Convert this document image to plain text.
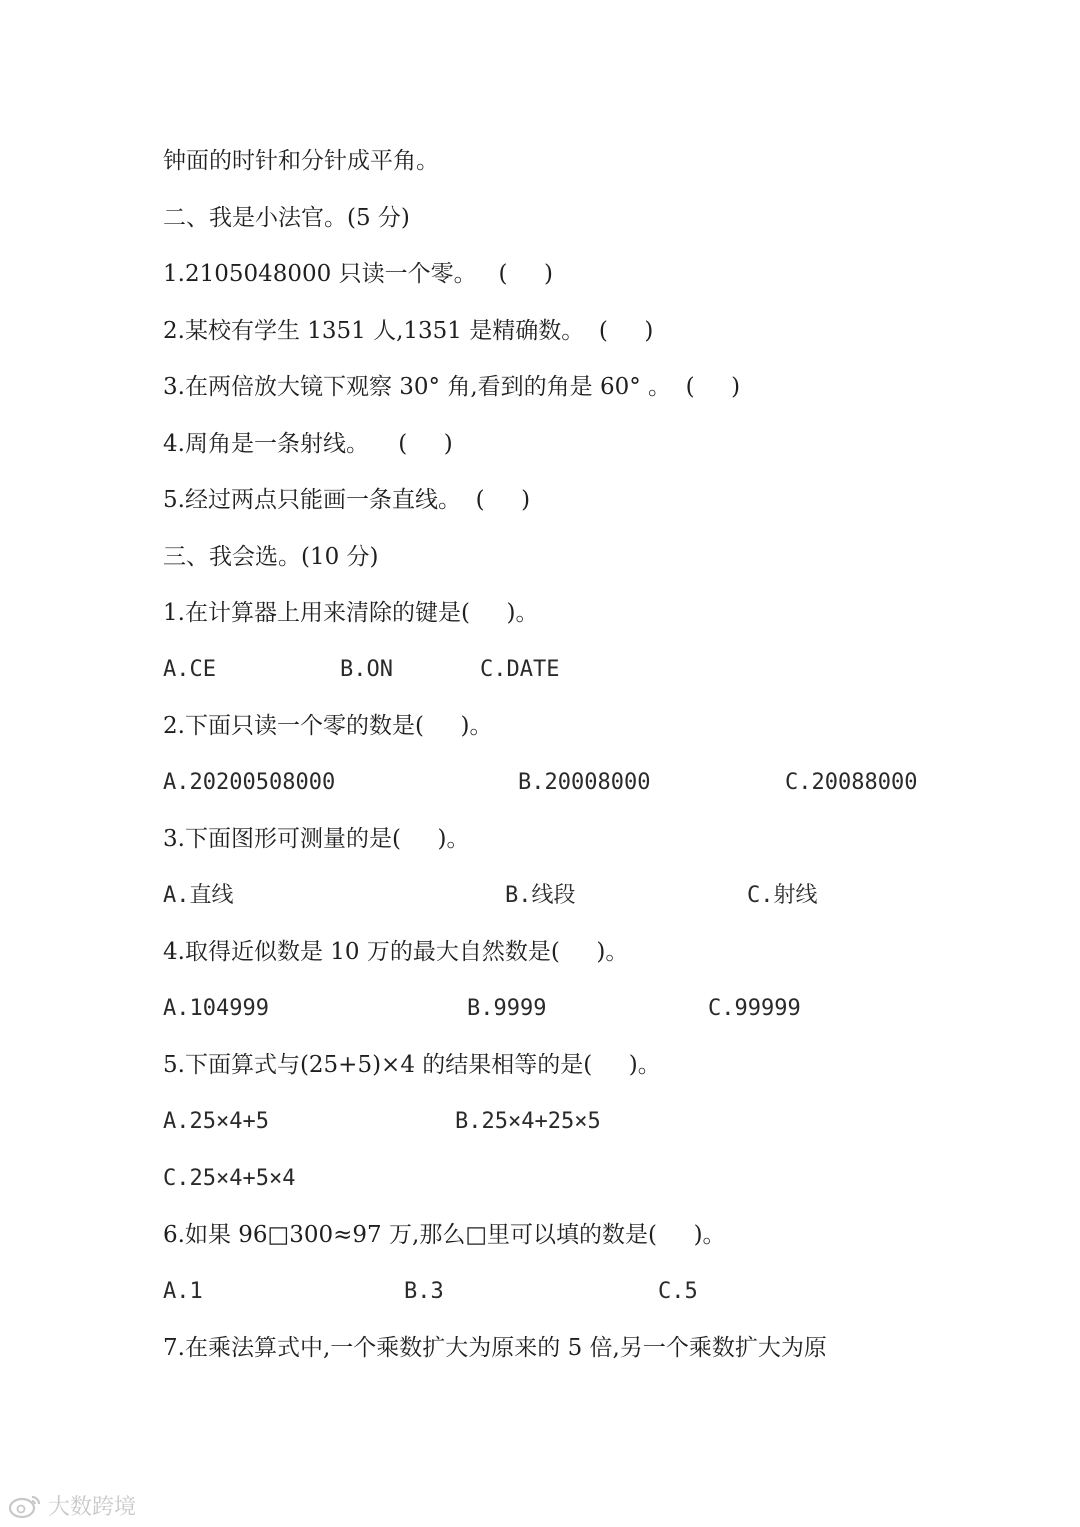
钟面的时针和分针成平角。
二、我是小法官。(5 分)
1.2105048000 只读一个零。   (     )
2.某校有学生 1351 人,1351 是精确数。  (     )
3.在两倍放大镜下观察 30° 角,看到的角是 60° 。  (     )
4.周角是一条射线。    (     )
5.经过两点只能画一条直线。  (     )
三、我会选。(10 分)
1.在计算器上用来清除的键是(     )。
A.CE	B.ON	C.DATE
2.下面只读一个零的数是(     )。
A.20200508000	B.20008000	C.20088000
3.下面图形可测量的是(     )。
A.直线	B.线段	C.射线
4.取得近似数是 10 万的最大自然数是(     )。
A.104999	B.9999	C.99999
5.下面算式与(25+5)×4 的结果相等的是(     )。
A.25×4+5	B.25×4+25×5
C.25×4+5×4
6.如果 96□300≈97 万,那么□里可以填的数是(     )。
A.1	B.3	C.5
7.在乘法算式中,一个乘数扩大为原来的 5 倍,另一个乘数扩大为原
大数跨境
